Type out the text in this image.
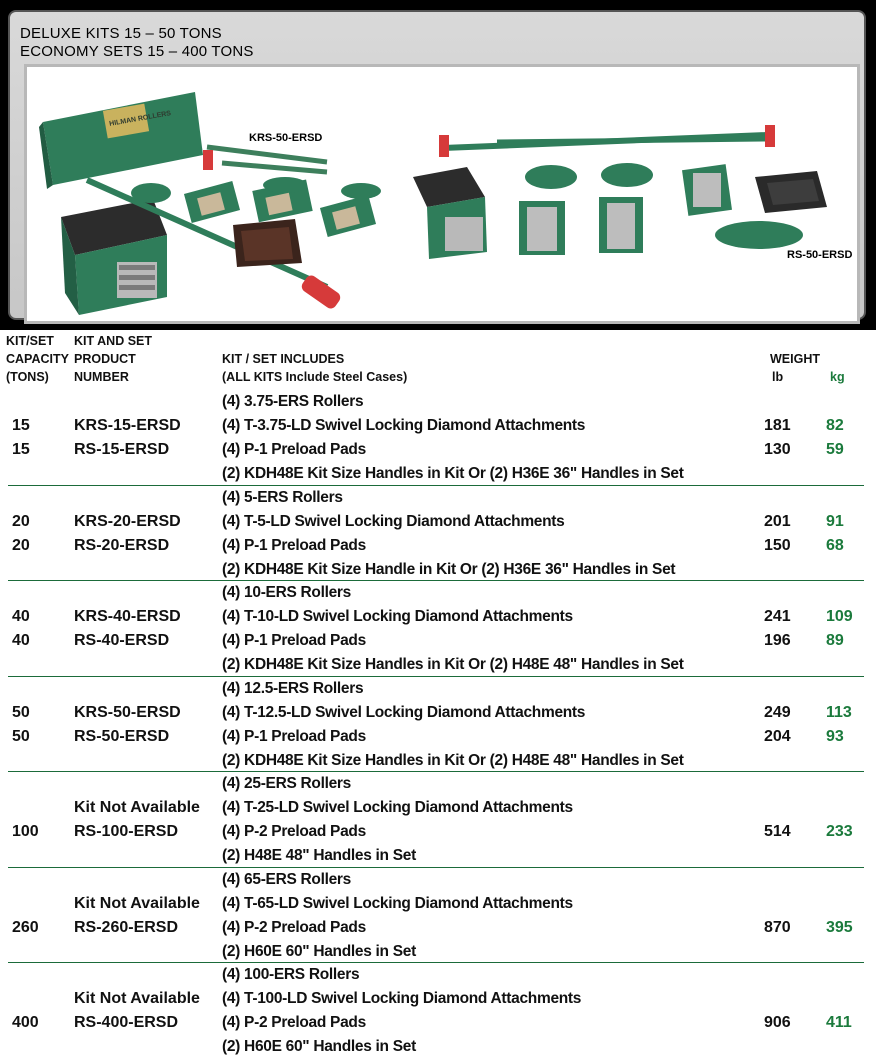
DELUXE KITS 15 – 50 TONS
ECONOMY SETS 15 – 400 TONS
HILMAN ROLLERS
KRS-50-ERSD
RS-50-ERSD
KIT/SET
CAPACITY
(TONS)
KIT AND SET
PRODUCT
NUMBER
KIT / SET INCLUDES
(ALL KITS Include Steel Cases)
WEIGHT
lb	kg
15
15
KRS-15-ERSD
RS-15-ERSD
(4) 3.75-ERS Rollers
(4) T-3.75-LD Swivel Locking Diamond Attachments
(4) P-1 Preload Pads
(2) KDH48E Kit Size Handles in Kit Or (2) H36E 36" Handles in Set
181
130
82
59
20
20
KRS-20-ERSD
RS-20-ERSD
(4) 5-ERS Rollers
(4) T-5-LD Swivel Locking Diamond Attachments
(4) P-1 Preload Pads
(2) KDH48E Kit Size Handle in Kit Or (2) H36E 36" Handles in Set
201
150
91
68
40
40
KRS-40-ERSD
RS-40-ERSD
(4) 10-ERS Rollers
(4) T-10-LD Swivel Locking Diamond Attachments
(4) P-1 Preload Pads
(2) KDH48E Kit Size Handles in Kit Or (2) H48E 48" Handles in Set
241
196
109
89
50
50
KRS-50-ERSD
RS-50-ERSD
(4) 12.5-ERS Rollers
(4) T-12.5-LD Swivel Locking Diamond Attachments
(4) P-1 Preload Pads
(2) KDH48E Kit Size Handles in Kit Or (2) H48E 48" Handles in Set
249
204
113
93
100
Kit Not Available
RS-100-ERSD
(4) 25-ERS Rollers
(4) T-25-LD Swivel Locking Diamond Attachments
(4) P-2 Preload Pads
(2) H48E 48" Handles in Set
514 233
260
Kit Not Available
RS-260-ERSD
(4) 65-ERS Rollers
(4) T-65-LD Swivel Locking Diamond Attachments
(4) P-2 Preload Pads
(2) H60E 60" Handles in Set
870 395
400
Kit Not Available
RS-400-ERSD
(4) 100-ERS Rollers
(4) T-100-LD Swivel Locking Diamond Attachments
(4) P-2 Preload Pads
(2) H60E 60" Handles in Set
906 411
